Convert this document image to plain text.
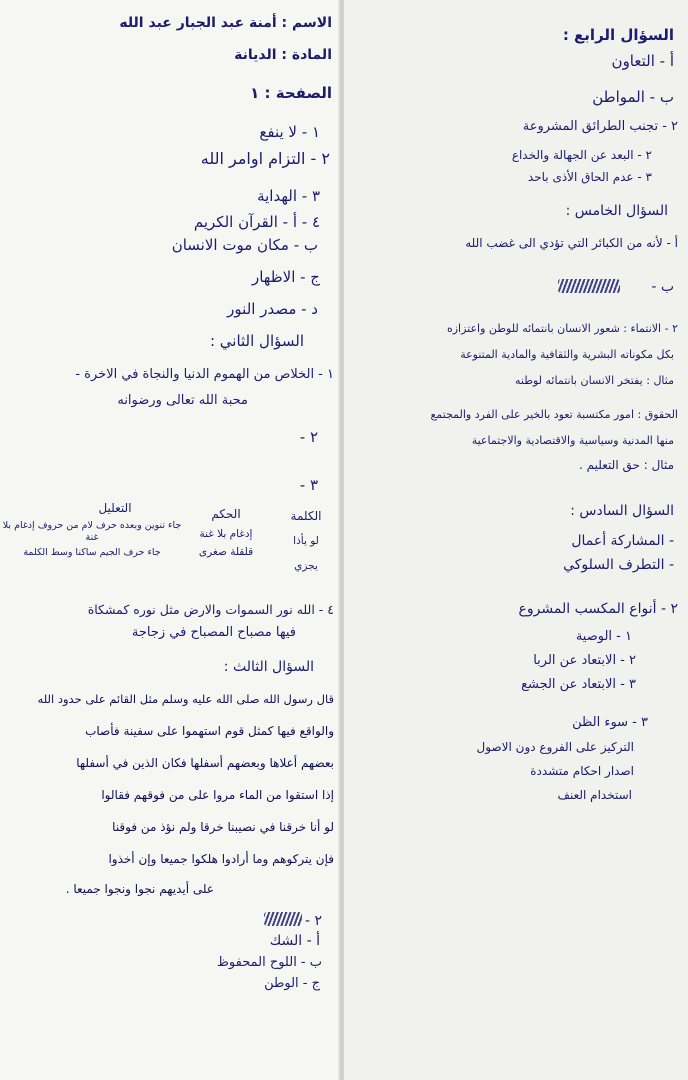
الاسم : أمنة عبد الجبار عبد الله
المادة : الديانة
الصفحة : ١
١ - لا ينفع
٢ - التزام اوامر الله
٣ - الهداية
٤ - أ - القرآن الكريم
ب - مكان موت الانسان
ج - الاظهار
د - مصدر النور
السؤال الثاني :
١ - الخلاص من الهموم الدنيا والنجاة في الاخرة -
محبة الله تعالى ورضوانه
٢ -
٣ -
الكلمة
الحكم
التعليل
لو يأذا
إدغام بلا غنة
جاء تنوين وبعده حرف لام من حروف إدغام بلا غنة
يجزي
قلقلة صغرى
جاء حرف الجيم ساكنا وسط الكلمة
٤ - الله نور السموات والارض مثل نوره كمشكاة
فيها مصباح المصباح في زجاجة
السؤال الثالث :
قال رسول الله صلى الله عليه وسلم مثل القائم على حدود الله
والواقع فيها كمثل قوم استهموا على سفينة فأصاب
بعضهم أعلاها وبعضهم أسفلها فكان الذين في أسفلها
إذا استقوا من الماء مروا على من فوقهم فقالوا
لو أنا خرقنا في نصيبنا خرقا ولم نؤذ من فوقنا
فإن يتركوهم وما أرادوا هلكوا جميعا وإن أخذوا
على أيديهم نجوا ونجوا جميعا .
٢ -
أ - الشك
ب - اللوح المحفوظ
ج - الوطن
السؤال الرابع :
أ - التعاون
ب - المواطن
٢ - تجنب الطرائق المشروعة
٢ - البعد عن الجهالة والخداع
٣ - عدم الحاق الأذى باحد
السؤال الخامس :
أ - لأنه من الكبائر التي تؤدي الى غضب الله
ب -
٢ - الانتماء : شعور الانسان بانتمائه للوطن واعتزازه
بكل مكوناته البشرية والثقافية والمادية المتنوعة
مثال : يفتخر الانسان بانتمائه لوطنه
الحقوق : امور مكتسبة تعود بالخير على الفرد والمجتمع
منها المدنية وسياسية والاقتصادية والاجتماعية
مثال : حق التعليم .
السؤال السادس :
- المشاركة أعمال
- التطرف السلوكي
٢ - أنواع المكسب المشروع
١ - الوصية
٢ - الابتعاد عن الربا
٣ - الابتعاد عن الجشع
٣ - سوء الظن
التركيز على الفروع دون الاصول
اصدار احكام متشددة
استخدام العنف
